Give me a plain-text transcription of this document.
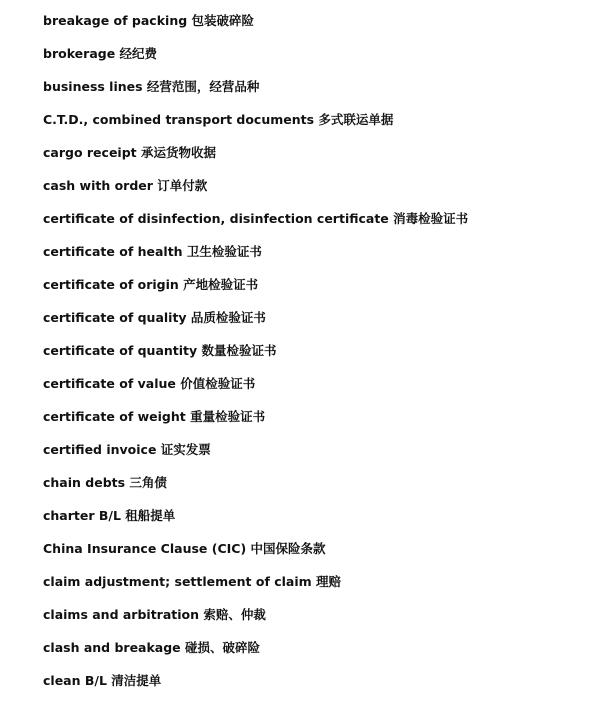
breakage of packing 包装破碎险
brokerage 经纪费
business lines 经营范围，经营品种
C.T.D., combined transport documents 多式联运单据
cargo receipt 承运货物收据
cash with order 订单付款
certificate of disinfection, disinfection certificate 消毒检验证书
certificate of health 卫生检验证书
certificate of origin 产地检验证书
certificate of quality 品质检验证书
certificate of quantity 数量检验证书
certificate of value 价值检验证书
certificate of weight 重量检验证书
certified invoice 证实发票
chain debts 三角债
charter B/L 租船提单
China Insurance Clause (CIC) 中国保险条款
claim adjustment; settlement of claim 理赔
claims and arbitration 索赔、仲裁
clash and breakage 碰损、破碎险
clean B/L 清洁提单
